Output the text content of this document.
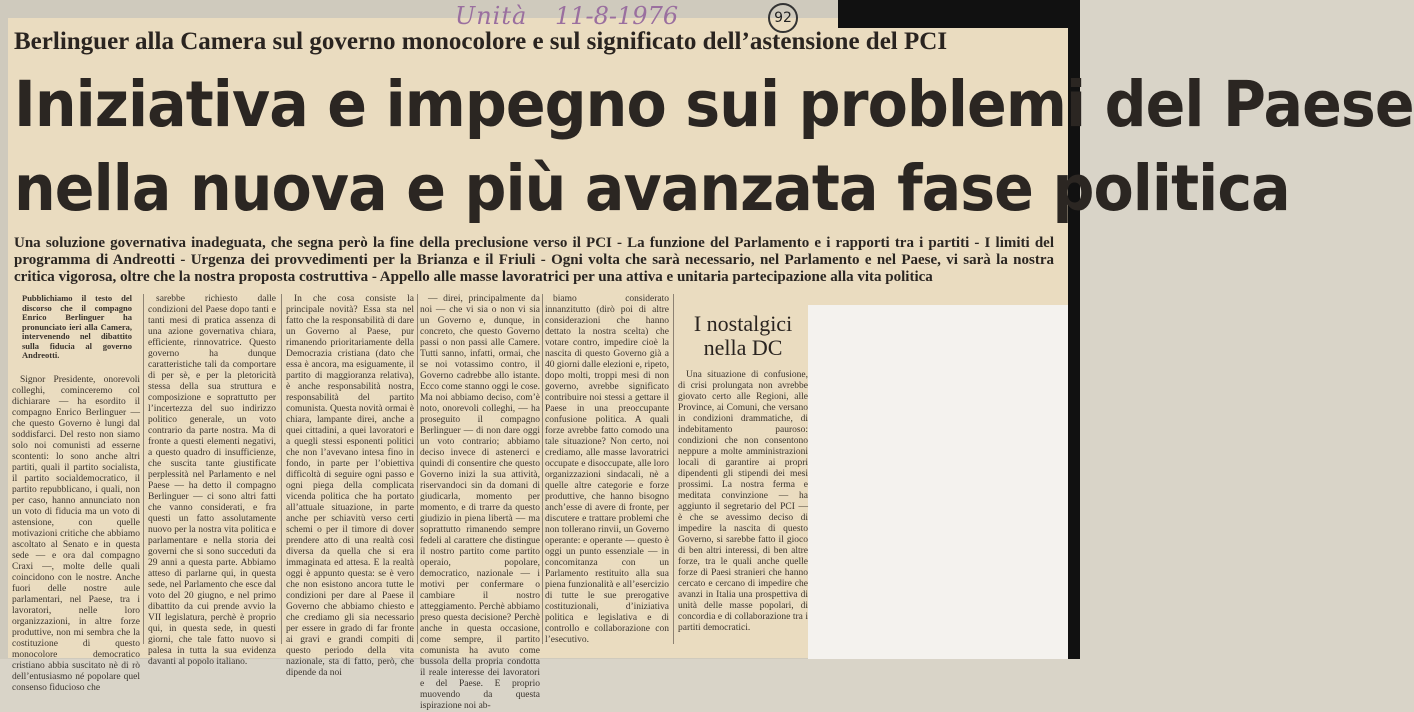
Unità 11-8-1976	92
Berlinguer alla Camera sul governo monocolore e sul significato dell’astensione del PCI
Iniziativa e impegno sui problemi del Paese
nella nuova e più avanzata fase politica
Una soluzione governativa inadeguata, che segna però la fine della preclusione verso il PCI - La funzione del Parlamento e i rapporti tra i partiti - I limiti del programma di Andreotti - Urgenza dei provvedimenti per la Brianza e il Friuli - Ogni volta che sarà necessario, nel Parlamento e nel Paese, vi sarà la nostra critica vigorosa, oltre che la nostra proposta costruttiva - Appello alle masse lavoratrici per una attiva e unitaria partecipazione alla vita politica

Pubblichiamo il testo del discorso che il compagno Enrico Berlinguer ha pronunciato ieri alla Camera, intervenendo nel dibattito sulla fiducia al governo Andreotti.

Signor Presidente, onorevoli colleghi, cominceremo col dichiarare — ha esordito il compagno Enrico Berlinguer — che questo Governo è lungi dal soddisfarci. Del resto non siamo solo noi comunisti ad esserne scontenti: lo sono anche altri partiti, quali il partito socialista, il partito socialdemocratico, il partito repubblicano, i quali, non per caso, hanno annunciato non un voto di fiducia ma un voto di astensione, con quelle motivazioni critiche che abbiamo ascoltato al Senato e in questa sede — e ora dal compagno Craxi —, molte delle quali coincidono con le nostre. Anche fuori delle nostre aule parlamentari, nel Paese, tra i lavoratori, nelle loro organizzazioni, in altre forze produttive, non mi sembra che la costituzione di questo monocolore democratico cristiano abbia suscitato nè di rò dell’entusiasmo né popolare quel consenso fiducioso che

sarebbe richiesto dalle condizioni del Paese dopo tanti e tanti mesi di pratica assenza di una azione governativa chiara, efficiente, rinnovatrice. Questo governo ha dunque caratteristiche tali da comportare di per sè, e per la pletoricità stessa della sua struttura e composizione e soprattutto per l’incertezza del suo indirizzo politico generale, un voto contrario da parte nostra. Ma di fronte a questi elementi negativi, a questo quadro di insufficienze, che suscita tante giustificate perplessità nel Parlamento e nel Paese — ha detto il compagno Berlinguer — ci sono altri fatti che vanno considerati, e fra questi un fatto assolutamente nuovo per la nostra vita politica e parlamentare e nella storia dei governi che si sono succeduti da 29 anni a questa parte. Abbiamo atteso di parlarne qui, in questa sede, nel Parlamento che esce dal voto del 20 giugno, e nel primo dibattito da cui prende avvio la VII legislatura, perchè è proprio qui, in questa sede, in questi giorni, che tale fatto nuovo si palesa in tutta la sua evidenza davanti al popolo italiano.

In che cosa consiste la principale novità? Essa sta nel fatto che la responsabilità di dare un Governo al Paese, pur rimanendo prioritariamente della Democrazia cristiana (dato che essa è ancora, ma esiguamente, il partito di maggioranza relativa), è anche responsabilità nostra, responsabilità del partito comunista. Questa novità ormai è chiara, lampante direi, anche a quei cittadini, a quei lavoratori e a quegli stessi esponenti politici che non l’avevano intesa fino in fondo, in parte per l’obiettiva difficoltà di seguire ogni passo e ogni piega della complicata vicenda politica che ha portato all’attuale situazione, in parte anche per schiavitù verso certi schemi o per il timore di dover prendere atto di una realtà così diversa da quella che si era immaginata ed attesa. E la realtà oggi è appunto questa: se è vero che non esistono ancora tutte le condizioni per dare al Paese il Governo che abbiamo chiesto e che crediamo gli sia necessario per essere in grado di far fronte ai gravi e grandi compiti di questo periodo della vita nazionale, sta di fatto, però, che dipende da noi

— direi, principalmente da noi — che vi sia o non vi sia un Governo e, dunque, in concreto, che questo Governo passi o non passi alle Camere. Tutti sanno, infatti, ormai, che se noi votassimo contro, il Governo cadrebbe allo istante. Ecco come stanno oggi le cose. Ma noi abbiamo deciso, com’è noto, onorevoli colleghi, — ha proseguito il compagno Berlinguer — di non dare oggi un voto contrario; abbiamo deciso invece di astenerci e quindi di consentire che questo Governo inizi la sua attività, riservandoci sin da domani di giudicarla, momento per momento, e di trarre da questo giudizio in piena libertà — ma soprattutto rimanendo sempre fedeli al carattere che distingue il nostro partito come partito operaio, popolare, democratico, nazionale — i motivi per confermare o cambiare il nostro atteggiamento. Perchè abbiamo preso questa decisione? Perchè anche in questa occasione, come sempre, il partito comunista ha avuto come bussola della propria condotta il reale interesse dei lavoratori e del Paese. E proprio muovendo da questa ispirazione noi ab-

biamo considerato innanzitutto (dirò poi di altre considerazioni che hanno dettato la nostra scelta) che votare contro, impedire cioè la nascita di questo Governo già a 40 giorni dalle elezioni e, ripeto, dopo molti, troppi mesi di non governo, avrebbe significato contribuire noi stessi a gettare il Paese in una preoccupante confusione politica. A quali forze avrebbe fatto comodo una tale situazione? Non certo, noi crediamo, alle masse lavoratrici occupate e disoccupate, alle loro organizzazioni sindacali, nè a quelle altre categorie e forze produttive, che hanno bisogno anch’esse di avere di fronte, per discutere e trattare problemi che non tollerano rinvii, un Governo operante: e operante — questo è oggi un punto essenziale — in concomitanza con un Parlamento restituito alla sua piena funzionalità e all’esercizio di tutte le sue prerogative costituzionali, d’iniziativa politica e legislativa e di controllo e collaborazione con l’esecutivo.

I nostalgici nella DC

Una situazione di confusione, di crisi prolungata non avrebbe giovato certo alle Regioni, alle Province, ai Comuni, che versano in condizioni drammatiche, di indebitamento pauroso: condizioni che non consentono neppure a molte amministrazioni locali di garantire ai propri dipendenti gli stipendi dei mesi prossimi. La nostra ferma e meditata convinzione — ha aggiunto il segretario del PCI — è che se avessimo deciso di impedire la nascita di questo Governo, si sarebbe fatto il gioco di ben altri interessi, di ben altre forze, tra le quali anche quelle forze di Paesi stranieri che hanno cercato e cercano di impedire che avanzi in Italia una prospettiva di unità delle masse popolari, di concordia e di collaborazione tra i partiti democratici.
